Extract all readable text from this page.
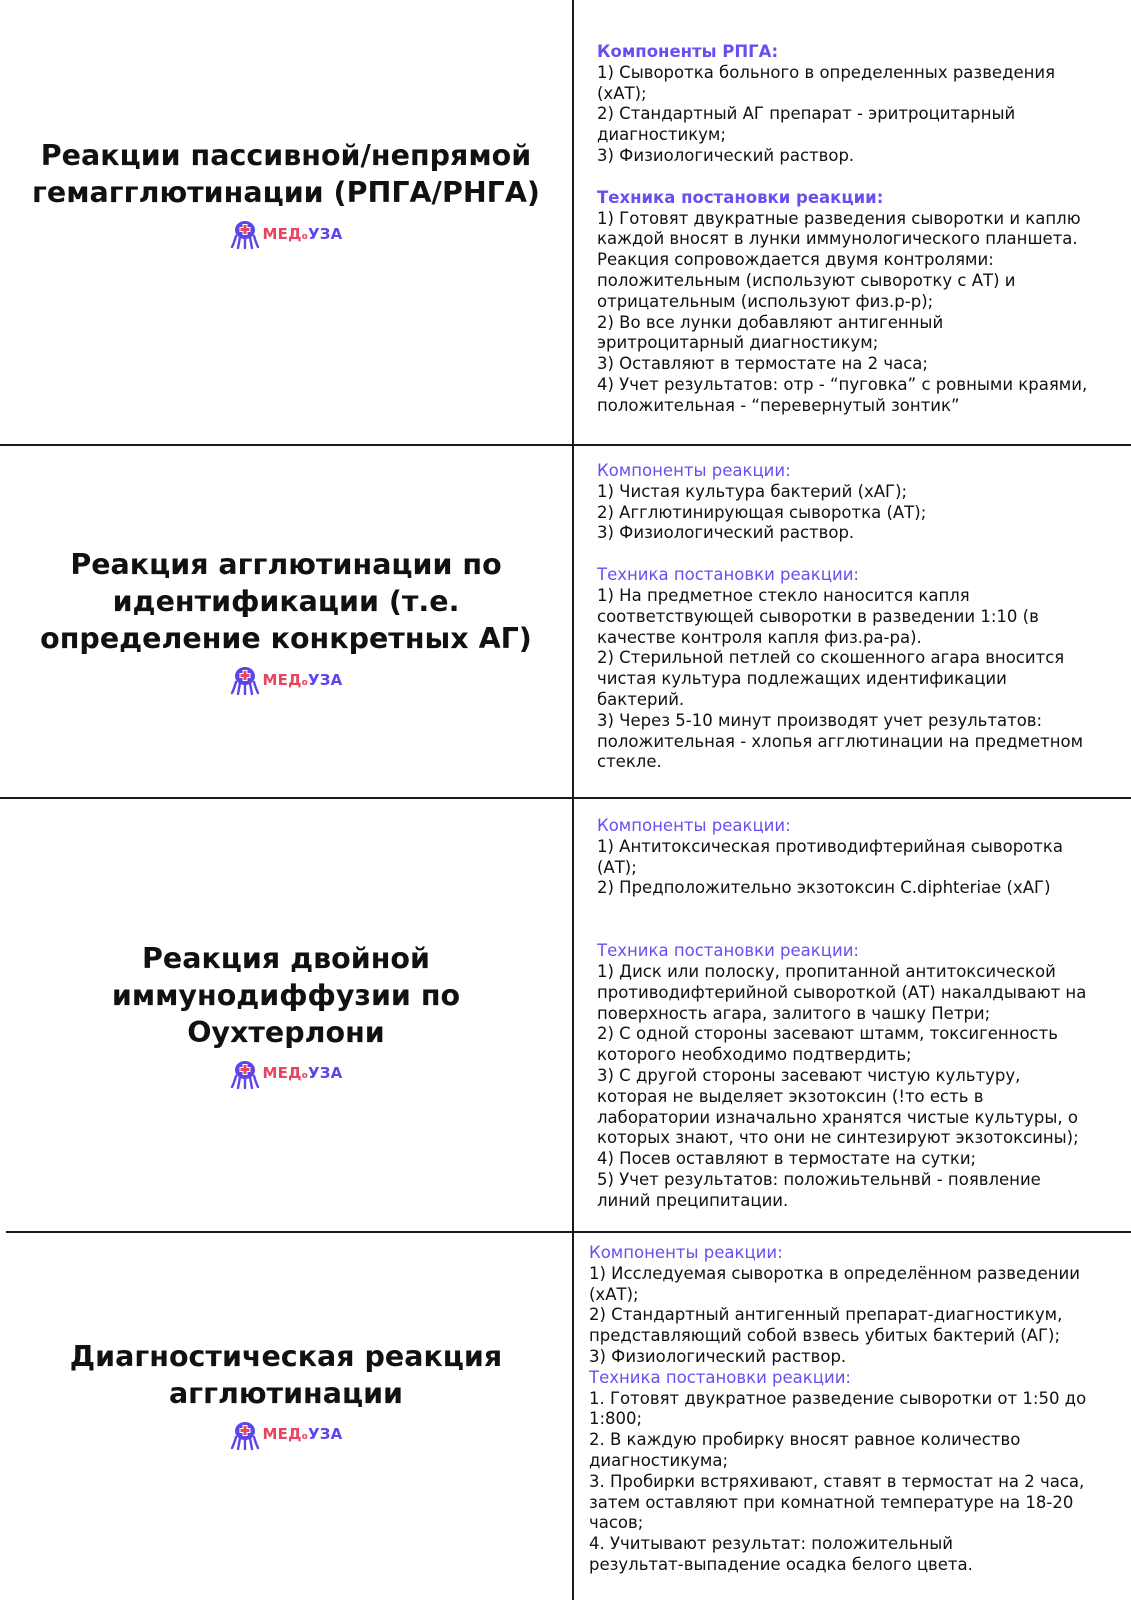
Реакции пассивной/непрямой
гемагглютинации (РПГА/РНГА)
МЕДоУЗА

Компоненты РПГА:

1) Сыворотка больного в определенных разведения

(хАТ);

2) Стандартный АГ препарат - эритроцитарный

диагностикум;

3) Физиологический раствор.

Техника постановки реакции:

1) Готовят двукратные разведения сыворотки и каплю

каждой вносят в лунки иммунологического планшета.

Реакция сопровождается двумя контролями:

положительным (используют сыворотку с АТ) и

отрицательным (используют физ.р-р);

2) Во все лунки добавляют антигенный

эритроцитарный диагностикум;

3) Оставляют в термостате на 2 часа;

4) Учет результатов: отр - “пуговка” с ровными краями,

положительная - “перевернутый зонтик”

Реакция агглютинации по
идентификации (т.е.
определение конкретных АГ)
МЕДоУЗА

Компоненты реакции:

1) Чистая культура бактерий (хАГ);

2) Агглютинирующая сыворотка (АТ);

3) Физиологический раствор.

Техника постановки реакции:

1) На предметное стекло наносится капля

соответствующей сыворотки в разведении 1:10 (в

качестве контроля капля физ.ра-ра).

2) Стерильной петлей со скошенного агара вносится

чистая культура подлежащих идентификации

бактерий.

3) Через 5-10 минут производят учет результатов:

положительная - хлопья агглютинации на предметном

стекле.

Реакция двойной
иммунодиффузии по
Оухтерлони
МЕДоУЗА

Компоненты реакции:

1) Антитоксическая противодифтерийная сыворотка

(АТ);

2) Предположительно экзотоксин C.diphteriae (хАГ)

Техника постановки реакции:

1) Диск или полоску, пропитанной антитоксической

противодифтерийной сывороткой (АТ) накалдывают на

поверхность агара, залитого в чашку Петри;

2) С одной стороны засевают штамм, токсигенность

которого необходимо подтвердить;

3) С другой стороны засевают чистую культуру,

которая не выделяет экзотоксин (!то есть в

лаборатории изначально хранятся чистые культуры, о

которых знают, что они не синтезируют экзотоксины);

4) Посев оставляют в термостате на сутки;

5) Учет результатов: положиьтельнвй - появление

линий преципитации.

Диагностическая реакция
агглютинации
МЕДоУЗА

Компоненты реакции:

1) Исследуемая сыворотка в определённом разведении

(хАТ);

2) Стандартный антигенный препарат-диагностикум,

представляющий собой взвесь убитых бактерий (АГ);

3) Физиологический раствор.

Техника постановки реакции:

1. Готовят двукратное разведение сыворотки от 1:50 до

1:800;

2. В каждую пробирку вносят равное количество

диагностикума;

3. Пробирки встряхивают, ставят в термостат на 2 часа,

затем оставляют при комнатной температуре на 18-20

часов;

4. Учитывают результат: положительный

результат-выпадение осадка белого цвета.
